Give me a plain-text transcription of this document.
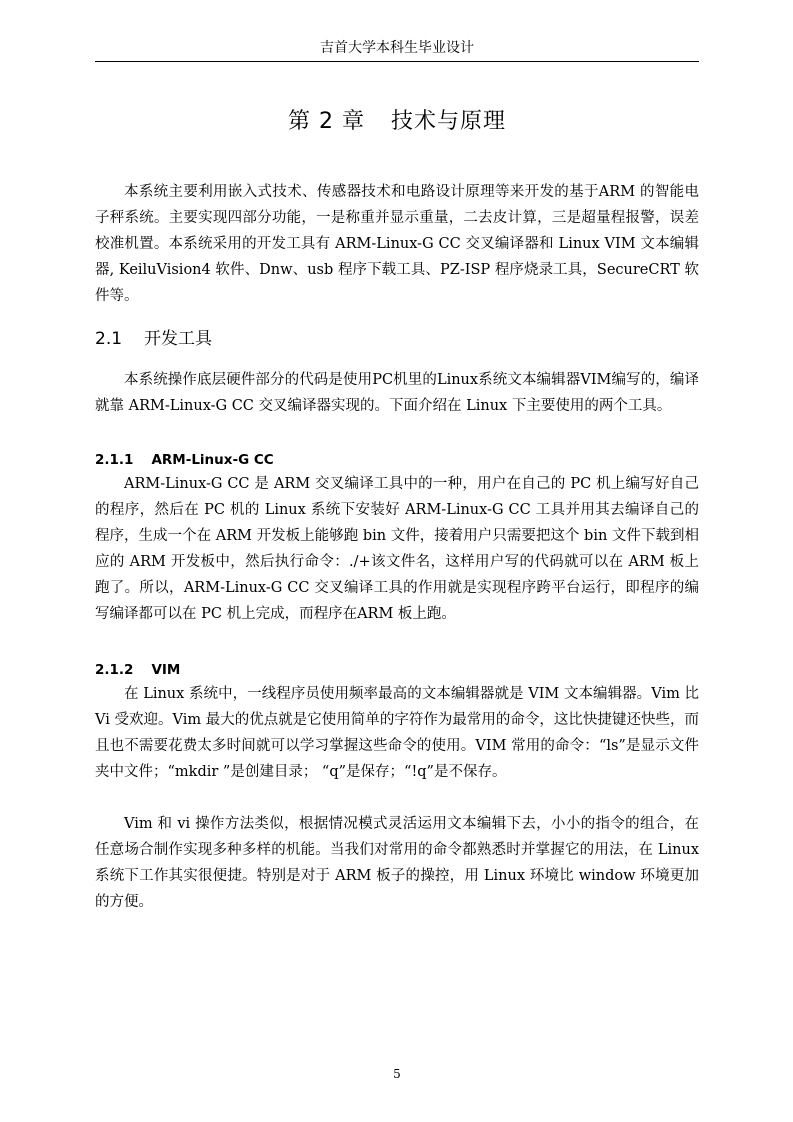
吉首大学本科生毕业设计
第 2 章 技术与原理

本系统主要利用嵌入式技术、传感器技术和电路设计原理等来开发的基于ARM 的智能电子秤系统。主要实现四部分功能，一是称重并显示重量，二去皮计算，三是超量程报警，误差校准机置。本系统采用的开发工具有 ARM-Linux-G CC 交叉编译器和 Linux VIM 文本编辑器, KeiluVision4 软件、Dnw、usb 程序下载工具、PZ-ISP 程序烧录工具，SecureCRT 软件等。

2.1 开发工具

本系统操作底层硬件部分的代码是使用PC机里的Linux系统文本编辑器VIM编写的，编译就靠 ARM-Linux-G CC 交叉编译器实现的。下面介绍在 Linux 下主要使用的两个工具。

2.1.1 ARM-Linux-G CC

ARM-Linux-G CC 是 ARM 交叉编译工具中的一种，用户在自己的 PC 机上编写好自己的程序，然后在 PC 机的 Linux 系统下安装好 ARM-Linux-G CC 工具并用其去编译自己的程序，生成一个在 ARM 开发板上能够跑 bin 文件，接着用户只需要把这个 bin 文件下载到相应的 ARM 开发板中，然后执行命令：./+该文件名，这样用户写的代码就可以在 ARM 板上跑了。所以，ARM-Linux-G CC 交叉编译工具的作用就是实现程序跨平台运行，即程序的编写编译都可以在 PC 机上完成，而程序在ARM 板上跑。

2.1.2 VIM

在 Linux 系统中，一线程序员使用频率最高的文本编辑器就是 VIM 文本编辑器。Vim 比 Vi 受欢迎。Vim 最大的优点就是它使用简单的字符作为最常用的命令，这比快捷键还快些，而且也不需要花费太多时间就可以学习掌握这些命令的使用。VIM 常用的命令：“ls”是显示文件夹中文件；“mkdir ”是创建目录； “q”是保存；“!q”是不保存。

Vim 和 vi 操作方法类似，根据情况模式灵活运用文本编辑下去，小小的指令的组合，在任意场合制作实现多种多样的机能。当我们对常用的命令都熟悉时并掌握它的用法，在 Linux 系统下工作其实很便捷。特别是对于 ARM 板子的操控，用 Linux 环境比 window 环境更加的方便。

5
